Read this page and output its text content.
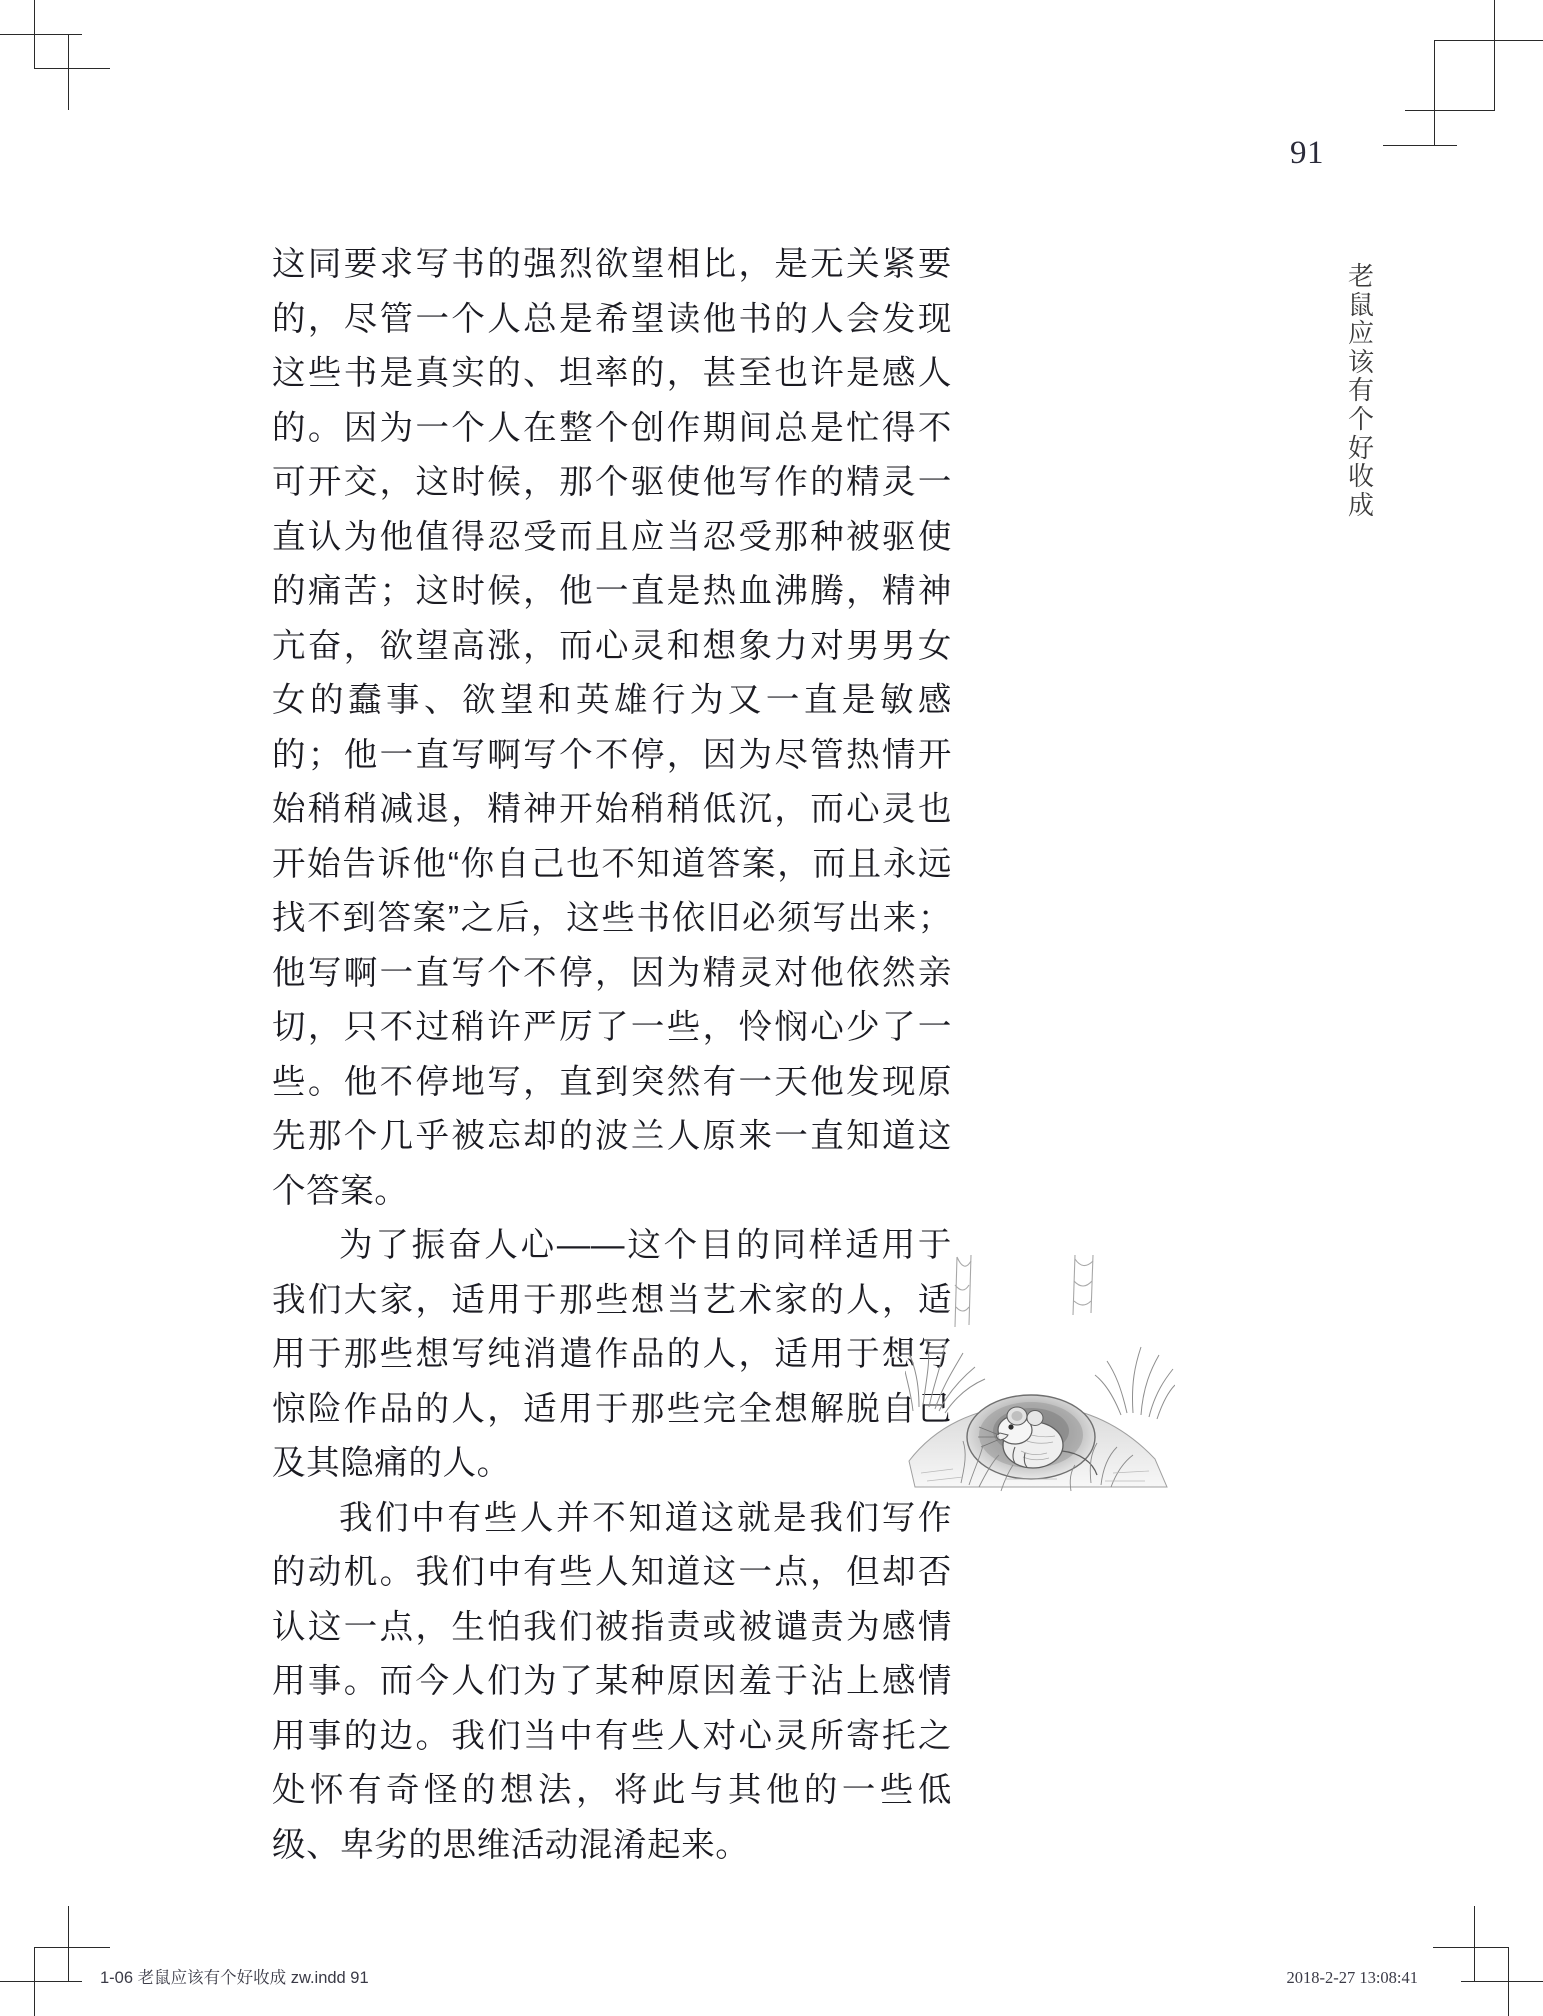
91
老
鼠
应
该
有
个
好
收
成

这同要求写书的强烈欲望相比，是无关紧要的，尽管一个人总是希望读他书的人会发现这些书是真实的、坦率的，甚至也许是感人的。因为一个人在整个创作期间总是忙得不可开交，这时候，那个驱使他写作的精灵一直认为他值得忍受而且应当忍受那种被驱使的痛苦；这时候，他一直是热血沸腾，精神亢奋，欲望高涨，而心灵和想象力对男男女女的蠢事、欲望和英雄行为又一直是敏感的；他一直写啊写个不停，因为尽管热情开始稍稍减退，精神开始稍稍低沉，而心灵也开始告诉他“你自己也不知道答案，而且永远找不到答案”之后，这些书依旧必须写出来；他写啊一直写个不停，因为精灵对他依然亲切，只不过稍许严厉了一些，怜悯心少了一些。他不停地写，直到突然有一天他发现原先那个几乎被忘却的波兰人原来一直知道这个答案。

为了振奋人心——这个目的同样适用于我们大家，适用于那些想当艺术家的人，适用于那些想写纯消遣作品的人，适用于想写惊险作品的人，适用于那些完全想解脱自己及其隐痛的人。

我们中有些人并不知道这就是我们写作的动机。我们中有些人知道这一点，但却否认这一点，生怕我们被指责或被谴责为感情用事。而今人们为了某种原因羞于沾上感情用事的边。我们当中有些人对心灵所寄托之处怀有奇怪的想法，将此与其他的一些低级、卑劣的思维活动混淆起来。

1-06 老鼠应该有个好收成 zw.indd 91	2018-2-27 13:08:41
